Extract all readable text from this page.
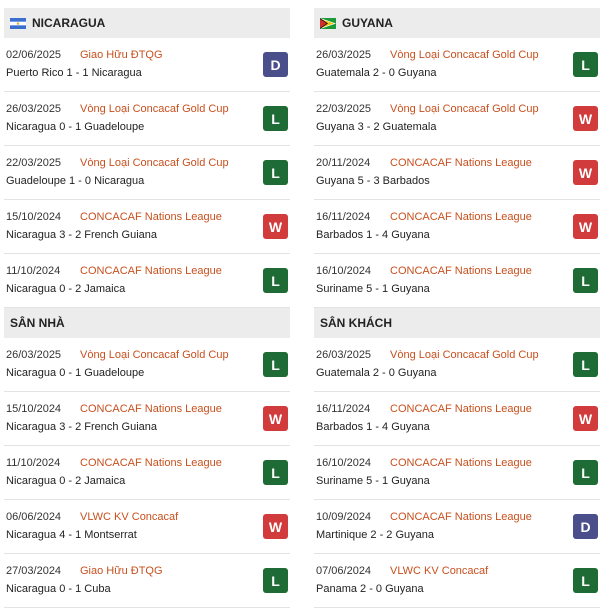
NICARAGUA
02/06/2025 Giao Hữu ĐTQG
Puerto Rico 1 - 1 Nicaragua
D
26/03/2025 Vòng Loại Concacaf Gold Cup
Nicaragua 0 - 1 Guadeloupe
L
22/03/2025 Vòng Loại Concacaf Gold Cup
Guadeloupe 1 - 0 Nicaragua
L
15/10/2024 CONCACAF Nations League
Nicaragua 3 - 2 French Guiana
W
11/10/2024 CONCACAF Nations League
Nicaragua 0 - 2 Jamaica
L
SÂN NHÀ
26/03/2025 Vòng Loại Concacaf Gold Cup
Nicaragua 0 - 1 Guadeloupe
L
15/10/2024 CONCACAF Nations League
Nicaragua 3 - 2 French Guiana
W
11/10/2024 CONCACAF Nations League
Nicaragua 0 - 2 Jamaica
L
06/06/2024 VLWC KV Concacaf
Nicaragua 4 - 1 Montserrat
W
27/03/2024 Giao Hữu ĐTQG
Nicaragua 0 - 1 Cuba
L
GUYANA
26/03/2025 Vòng Loại Concacaf Gold Cup
Guatemala 2 - 0 Guyana
L
22/03/2025 Vòng Loại Concacaf Gold Cup
Guyana 3 - 2 Guatemala
W
20/11/2024 CONCACAF Nations League
Guyana 5 - 3 Barbados
W
16/11/2024 CONCACAF Nations League
Barbados 1 - 4 Guyana
W
16/10/2024 CONCACAF Nations League
Suriname 5 - 1 Guyana
L
SÂN KHÁCH
26/03/2025 Vòng Loại Concacaf Gold Cup
Guatemala 2 - 0 Guyana
L
16/11/2024 CONCACAF Nations League
Barbados 1 - 4 Guyana
W
16/10/2024 CONCACAF Nations League
Suriname 5 - 1 Guyana
L
10/09/2024 CONCACAF Nations League
Martinique 2 - 2 Guyana
D
07/06/2024 VLWC KV Concacaf
Panama 2 - 0 Guyana
L
